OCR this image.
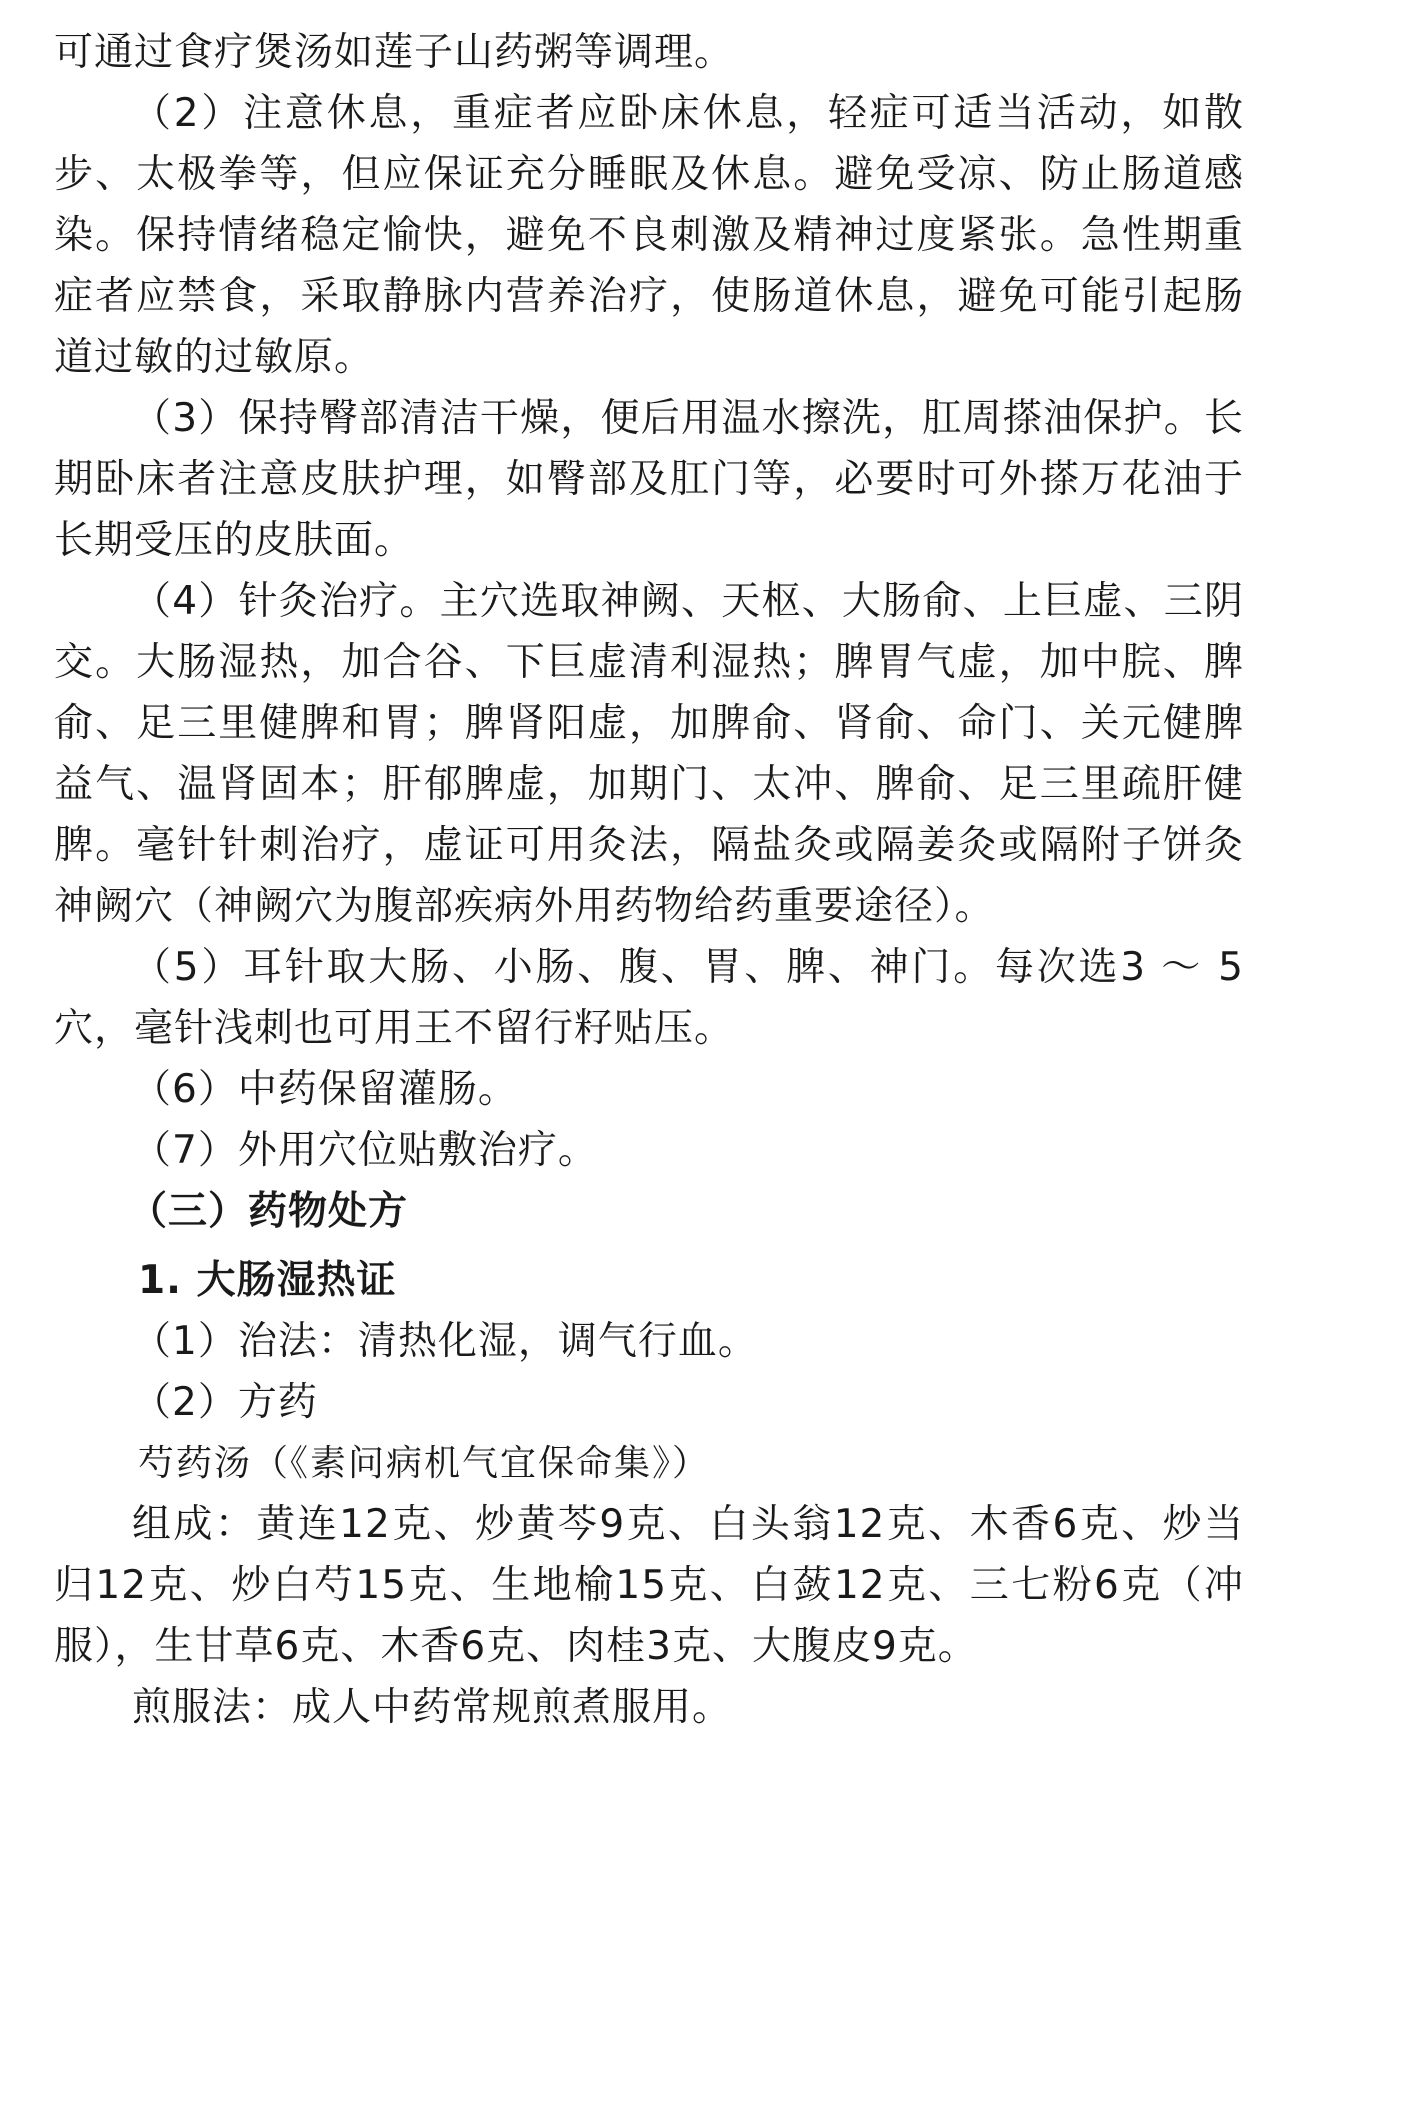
可通过食疗煲汤如莲子山药粥等调理。

（2）注意休息，重症者应卧床休息，轻症可适当活动，如散步、太极拳等，但应保证充分睡眠及休息。避免受凉、防止肠道感染。保持情绪稳定愉快，避免不良刺激及精神过度紧张。急性期重症者应禁食，采取静脉内营养治疗，使肠道休息，避免可能引起肠道过敏的过敏原。

（3）保持臀部清洁干燥，便后用温水擦洗，肛周搽油保护。长期卧床者注意皮肤护理，如臀部及肛门等，必要时可外搽万花油于长期受压的皮肤面。

（4）针灸治疗。主穴选取神阙、天枢、大肠俞、上巨虚、三阴交。大肠湿热，加合谷、下巨虚清利湿热；脾胃气虚，加中脘、脾俞、足三里健脾和胃；脾肾阳虚，加脾俞、肾俞、命门、关元健脾益气、温肾固本；肝郁脾虚，加期门、太冲、脾俞、足三里疏肝健脾。毫针针刺治疗，虚证可用灸法，隔盐灸或隔姜灸或隔附子饼灸神阙穴（神阙穴为腹部疾病外用药物给药重要途径）。

（5）耳针取大肠、小肠、腹、胃、脾、神门。每次选3 ～ 5穴，毫针浅刺也可用王不留行籽贴压。

（6）中药保留灌肠。

（7）外用穴位贴敷治疗。

（三）药物处方

1. 大肠湿热证

（1）治法：清热化湿，调气行血。

（2）方药

芍药汤（《素问病机气宜保命集》）

组成：黄连12克、炒黄芩9克、白头翁12克、木香6克、炒当归12克、炒白芍15克、生地榆15克、白蔹12克、三七粉6克（冲服），生甘草6克、木香6克、肉桂3克、大腹皮9克。

煎服法：成人中药常规煎煮服用。
